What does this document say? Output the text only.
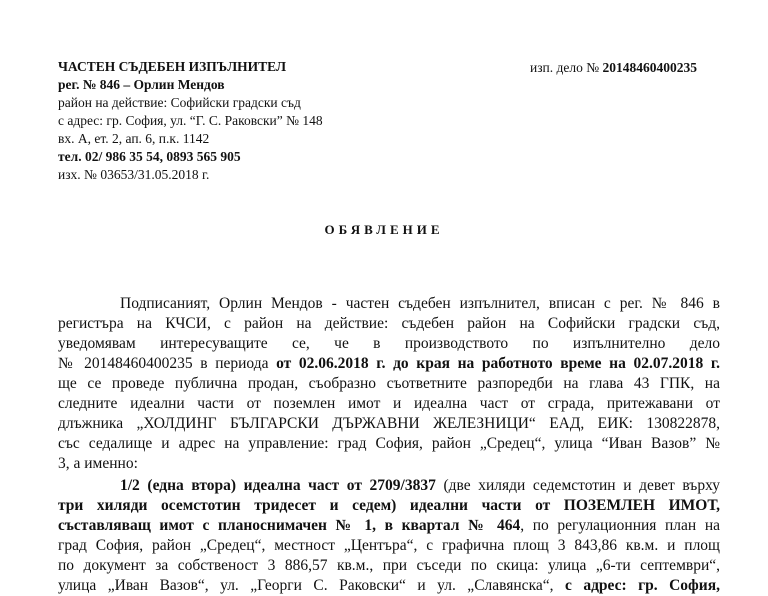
ЧАСТЕН СЪДЕБЕН ИЗПЪЛНИТЕЛ
рег. № 846 – Орлин Мендов
район на действие: Софийски градски съд
с адрес: гр. София, ул. “Г. С. Раковски” № 148
вх. А, ет. 2, ап. 6, п.к. 1142
тел. 02/ 986 35 54, 0893 565 905
изх. № 03653/31.05.2018 г.
изп. дело № 20148460400235
ОБЯВЛЕНИЕ
Подписаният, Орлин Мендов - частен съдебен изпълнител, вписан с рег. № 846 в
регистъра на КЧСИ, с район на действие: съдебен район на Софийски градски съд,
уведомявам интересуващите се, че в производството по изпълнително дело
№ 20148460400235 в периода от 02.06.2018 г. до края на работното време на 02.07.2018 г.
ще се проведе публична продан, съобразно съответните разпоредби на глава 43 ГПК, на
следните идеални части от поземлен имот и идеална част от сграда, притежавани от
длъжника „ХОЛДИНГ БЪЛГАРСКИ ДЪРЖАВНИ ЖЕЛЕЗНИЦИ“ ЕАД, ЕИК: 130822878,
със седалище и адрес на управление: град София, район „Средец“, улица “Иван Вазов” №
3, а именно:
1/2 (една втора) идеална част от 2709/3837 (две хиляди седемстотин и девет върху
три хиляди осемстотин тридесет и седем) идеални части от ПОЗЕМЛЕН ИМОТ,
съставляващ имот с планоснимачен № 1, в квартал № 464, по регулационния план на
град София, район „Средец“, местност „Центъра“, с графична площ 3 843,86 кв.м. и площ
по документ за собственост 3 886,57 кв.м., при съседи по скица: улица „6-ти септември“,
улица „Иван Вазов“, ул. „Георги С. Раковски“ и ул. „Славянска“, с адрес: гр. София,
